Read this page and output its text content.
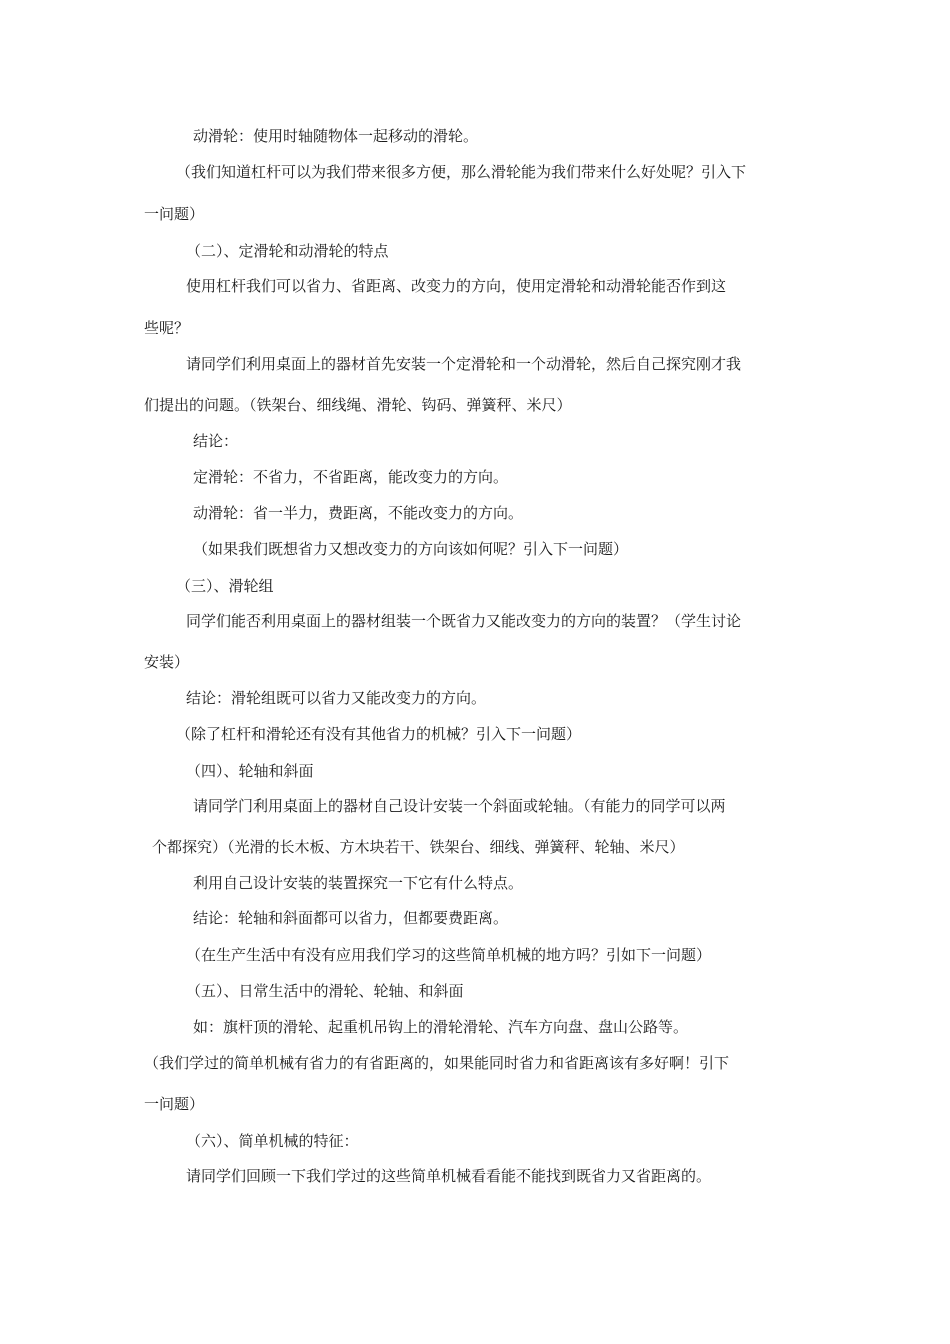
动滑轮：使用时轴随物体一起移动的滑轮。
（我们知道杠杆可以为我们带来很多方便，那么滑轮能为我们带来什么好处呢？引入下
一问题）
（二）、定滑轮和动滑轮的特点
使用杠杆我们可以省力、省距离、改变力的方向，使用定滑轮和动滑轮能否作到这
些呢？
请同学们利用桌面上的器材首先安装一个定滑轮和一个动滑轮，然后自己探究刚才我
们提出的问题。（铁架台、细线绳、滑轮、钩码、弹簧秤、米尺）
结论：
定滑轮：不省力，不省距离，能改变力的方向。
动滑轮：省一半力，费距离，不能改变力的方向。
（如果我们既想省力又想改变力的方向该如何呢？引入下一问题）
（三）、滑轮组
同学们能否利用桌面上的器材组装一个既省力又能改变力的方向的装置？（学生讨论
安装）
结论：滑轮组既可以省力又能改变力的方向。
（除了杠杆和滑轮还有没有其他省力的机械？引入下一问题）
（四）、轮轴和斜面
请同学门利用桌面上的器材自己设计安装一个斜面或轮轴。（有能力的同学可以两
个都探究）（光滑的长木板、方木块若干、铁架台、细线、弹簧秤、轮轴、米尺）
利用自己设计安装的装置探究一下它有什么特点。
结论：轮轴和斜面都可以省力，但都要费距离。
（在生产生活中有没有应用我们学习的这些简单机械的地方吗？引如下一问题）
（五）、日常生活中的滑轮、轮轴、和斜面
如：旗杆顶的滑轮、起重机吊钩上的滑轮滑轮、汽车方向盘、盘山公路等。
（我们学过的简单机械有省力的有省距离的，如果能同时省力和省距离该有多好啊！引下
一问题）
（六）、简单机械的特征：
请同学们回顾一下我们学过的这些简单机械看看能不能找到既省力又省距离的。
